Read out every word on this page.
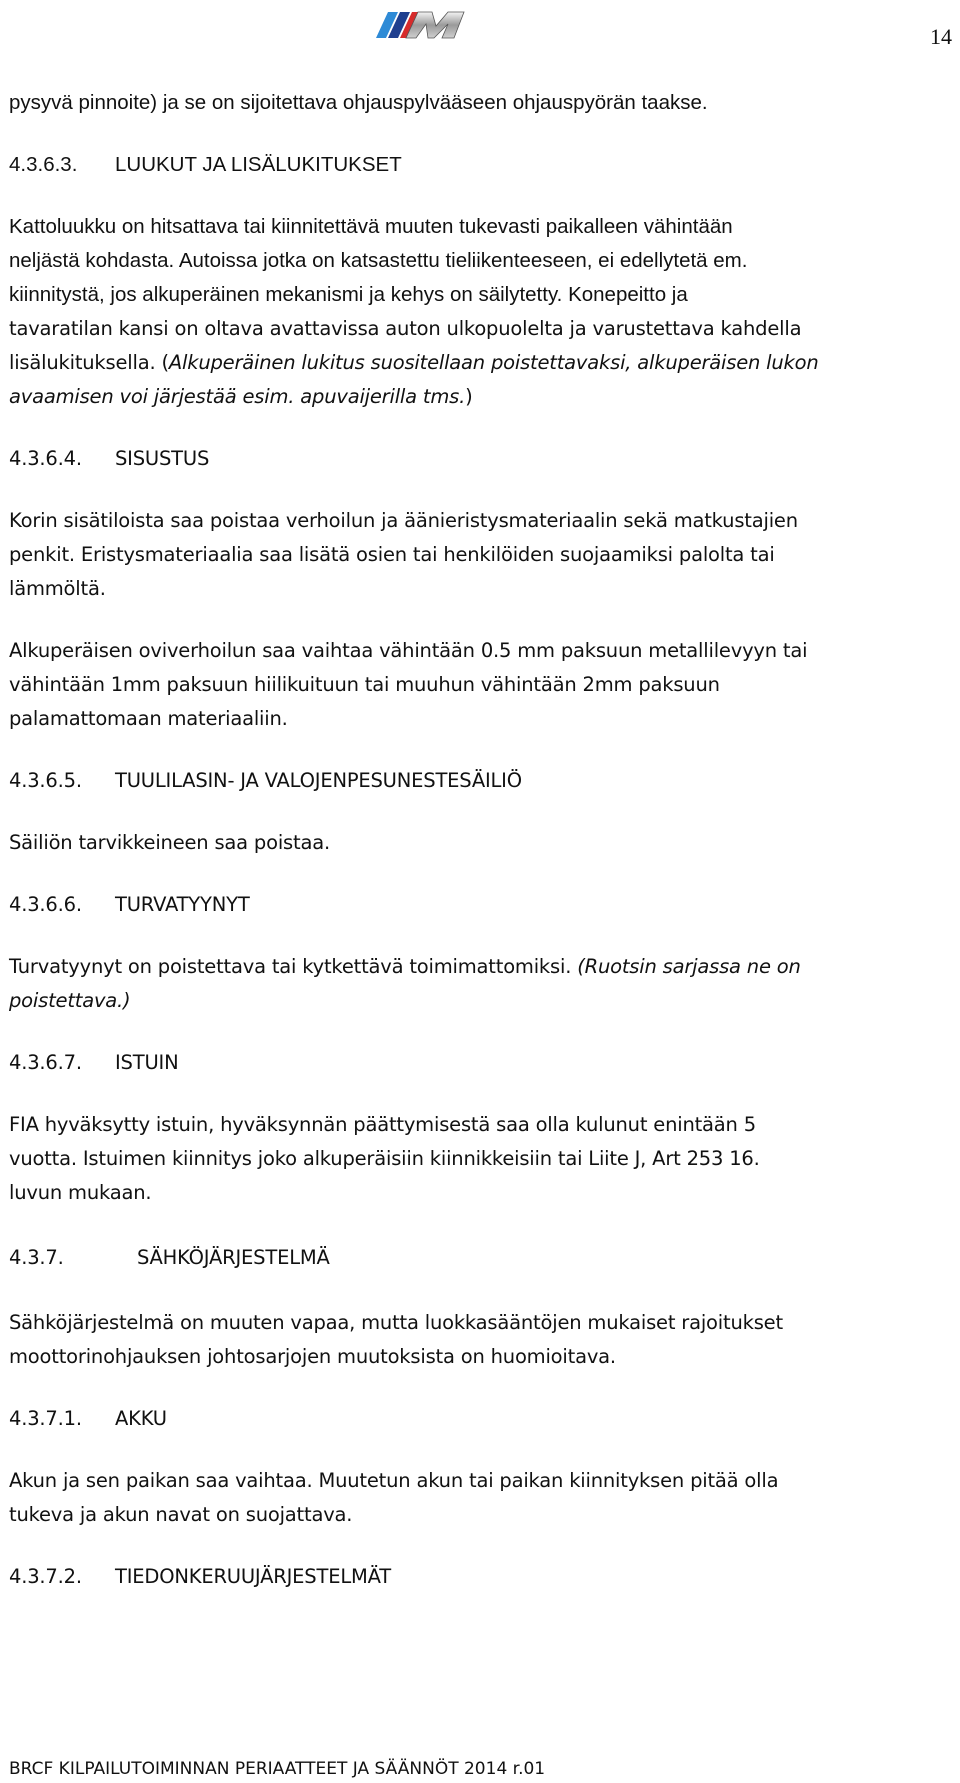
14

pysyvä pinnoite) ja se on sijoitettava ohjauspylvääseen ohjauspyörän taakse.

4.3.6.3.	LUUKUT JA LISÄLUKITUKSET

Kattoluukku on hitsattava tai kiinnitettävä muuten tukevasti paikalleen vähintään

neljästä kohdasta. Autoissa jotka on katsastettu tieliikenteeseen, ei edellytetä em.

kiinnitystä, jos alkuperäinen mekanismi ja kehys on säilytetty. Konepeitto ja

tavaratilan kansi on oltava avattavissa auton ulkopuolelta ja varustettava kahdella

lisälukituksella. (Alkuperäinen lukitus suositellaan poistettavaksi, alkuperäisen lukon

avaamisen voi järjestää esim. apuvaijerilla tms.)

4.3.6.4.	SISUSTUS

Korin sisätiloista saa poistaa verhoilun ja äänieristysmateriaalin sekä matkustajien

penkit. Eristysmateriaalia saa lisätä osien tai henkilöiden suojaamiksi palolta tai

lämmöltä.

Alkuperäisen oviverhoilun saa vaihtaa vähintään 0.5 mm paksuun metallilevyyn tai

vähintään 1mm paksuun hiilikuituun tai muuhun vähintään 2mm paksuun

palamattomaan materiaaliin.

4.3.6.5.	TUULILASIN- JA VALOJENPESUNESTESÄILIÖ

Säiliön tarvikkeineen saa poistaa.

4.3.6.6.	TURVATYYNYT

Turvatyynyt on poistettava tai kytkettävä toimimattomiksi. (Ruotsin sarjassa ne on

poistettava.)

4.3.6.7.	ISTUIN

FIA hyväksytty istuin, hyväksynnän päättymisestä saa olla kulunut enintään 5

vuotta. Istuimen kiinnitys joko alkuperäisiin kiinnikkeisiin tai Liite J, Art 253 16.

luvun mukaan.

4.3.7.	SÄHKÖJÄRJESTELMÄ

Sähköjärjestelmä on muuten vapaa, mutta luokkasääntöjen mukaiset rajoitukset

moottorinohjauksen johtosarjojen muutoksista on huomioitava.

4.3.7.1.	AKKU

Akun ja sen paikan saa vaihtaa. Muutetun akun tai paikan kiinnityksen pitää olla

tukeva ja akun navat on suojattava.

4.3.7.2.	TIEDONKERUUJÄRJESTELMÄT
BRCF KILPAILUTOIMINNAN PERIAATTEET JA SÄÄNNÖT 2014 r.01
